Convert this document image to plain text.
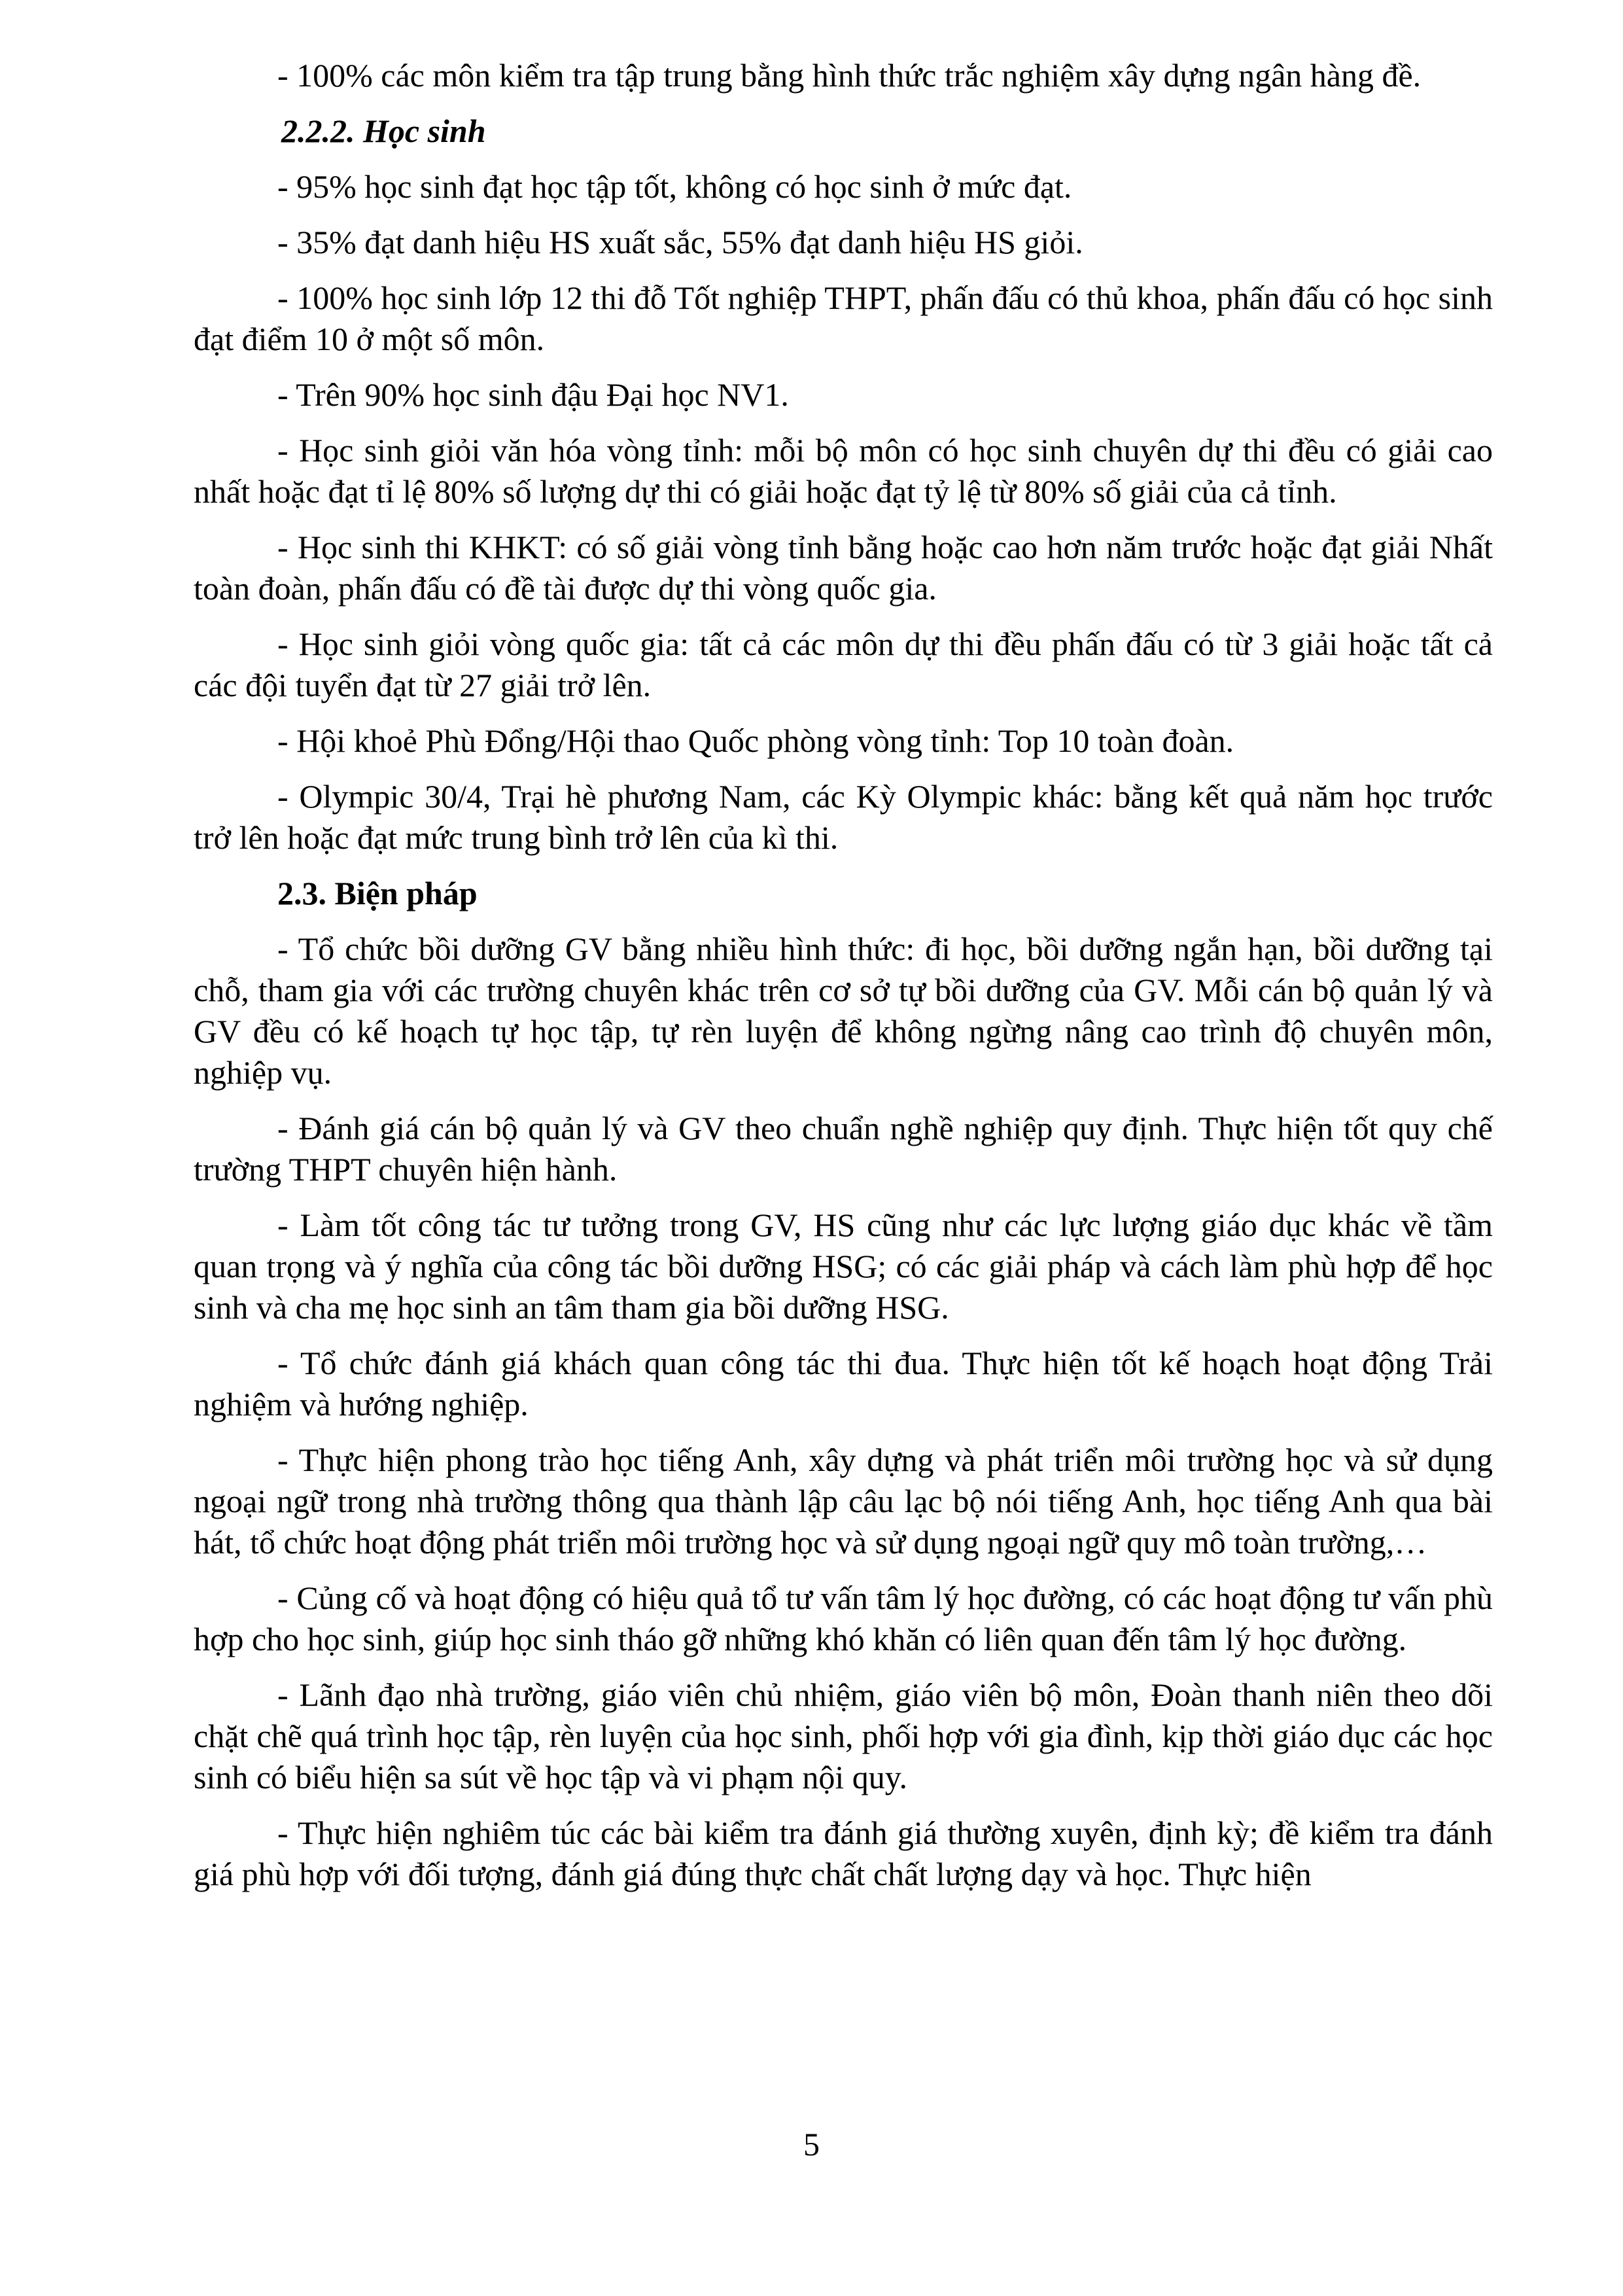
- 100% các môn kiểm tra tập trung bằng hình thức trắc nghiệm xây dựng ngân hàng đề.

2.2.2. Học sinh

- 95% học sinh đạt học tập tốt, không có học sinh ở mức đạt.

- 35% đạt danh hiệu HS xuất sắc, 55% đạt danh hiệu HS giỏi.

- 100% học sinh lớp 12 thi đỗ Tốt nghiệp THPT, phấn đấu có thủ khoa, phấn đấu có học sinh đạt điểm 10 ở một số môn.

- Trên 90% học sinh đậu Đại học NV1.

- Học sinh giỏi văn hóa vòng tỉnh: mỗi bộ môn có học sinh chuyên dự thi đều có giải cao nhất hoặc đạt tỉ lệ 80% số lượng dự thi có giải hoặc đạt tỷ lệ từ 80% số giải của cả tỉnh.

- Học sinh thi KHKT: có số giải vòng tỉnh bằng hoặc cao hơn năm trước hoặc đạt giải Nhất toàn đoàn, phấn đấu có đề tài được dự thi vòng quốc gia.

- Học sinh giỏi vòng quốc gia: tất cả các môn dự thi đều phấn đấu có từ 3 giải hoặc tất cả các đội tuyển đạt từ 27 giải trở lên.

- Hội khoẻ Phù Đổng/Hội thao Quốc phòng vòng tỉnh: Top 10 toàn đoàn.

- Olympic 30/4, Trại hè phương Nam, các Kỳ Olympic khác: bằng kết quả năm học trước trở lên hoặc đạt mức trung bình trở lên của kì thi.

2.3. Biện pháp

- Tổ chức bồi dưỡng GV bằng nhiều hình thức: đi học, bồi dưỡng ngắn hạn, bồi dưỡng tại chỗ, tham gia với các trường chuyên khác trên cơ sở tự bồi dưỡng của GV. Mỗi cán bộ quản lý và GV đều có kế hoạch tự học tập, tự rèn luyện để không ngừng nâng cao trình độ chuyên môn, nghiệp vụ.

- Đánh giá cán bộ quản lý và GV theo chuẩn nghề nghiệp quy định. Thực hiện tốt quy chế trường THPT chuyên hiện hành.

- Làm tốt công tác tư tưởng trong GV, HS cũng như các lực lượng giáo dục khác về tầm quan trọng và ý nghĩa của công tác bồi dưỡng HSG; có các giải pháp và cách làm phù hợp để học sinh và cha mẹ học sinh an tâm tham gia bồi dưỡng HSG.

- Tổ chức đánh giá khách quan công tác thi đua. Thực hiện tốt kế hoạch hoạt động Trải nghiệm và hướng nghiệp.

- Thực hiện phong trào học tiếng Anh, xây dựng và phát triển môi trường học và sử dụng ngoại ngữ trong nhà trường thông qua thành lập câu lạc bộ nói tiếng Anh, học tiếng Anh qua bài hát, tổ chức hoạt động phát triển môi trường học và sử dụng ngoại ngữ quy mô toàn trường,…

- Củng cố và hoạt động có hiệu quả tổ tư vấn tâm lý học đường, có các hoạt động tư vấn phù hợp cho học sinh, giúp học sinh tháo gỡ những khó khăn có liên quan đến tâm lý học đường.

- Lãnh đạo nhà trường, giáo viên chủ nhiệm, giáo viên bộ môn, Đoàn thanh niên theo dõi chặt chẽ quá trình học tập, rèn luyện của học sinh, phối hợp với gia đình, kịp thời giáo dục các học sinh có biểu hiện sa sút về học tập và vi phạm nội quy.

- Thực hiện nghiêm túc các bài kiểm tra đánh giá thường xuyên, định kỳ; đề kiểm tra đánh giá phù hợp với đối tượng, đánh giá đúng thực chất chất lượng dạy và học. Thực hiện

5
